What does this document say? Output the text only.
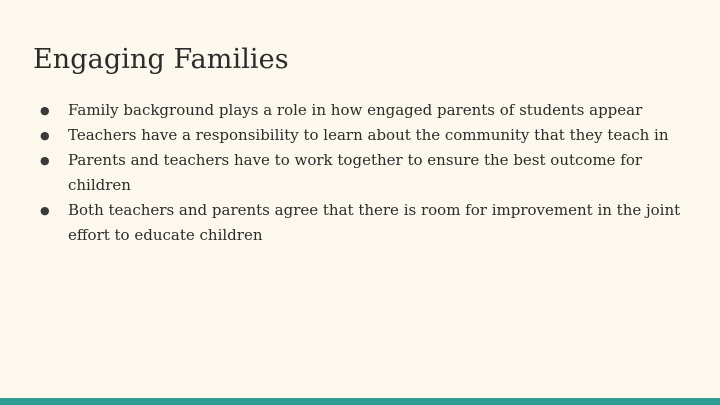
Engaging Families
● Family background plays a role in how engaged parents of students appear
● Teachers have a responsibility to learn about the community that they teach in
● Parents and teachers have to work together to ensure the best outcome for children
● Both teachers and parents agree that there is room for improvement in the joint effort to educate children
